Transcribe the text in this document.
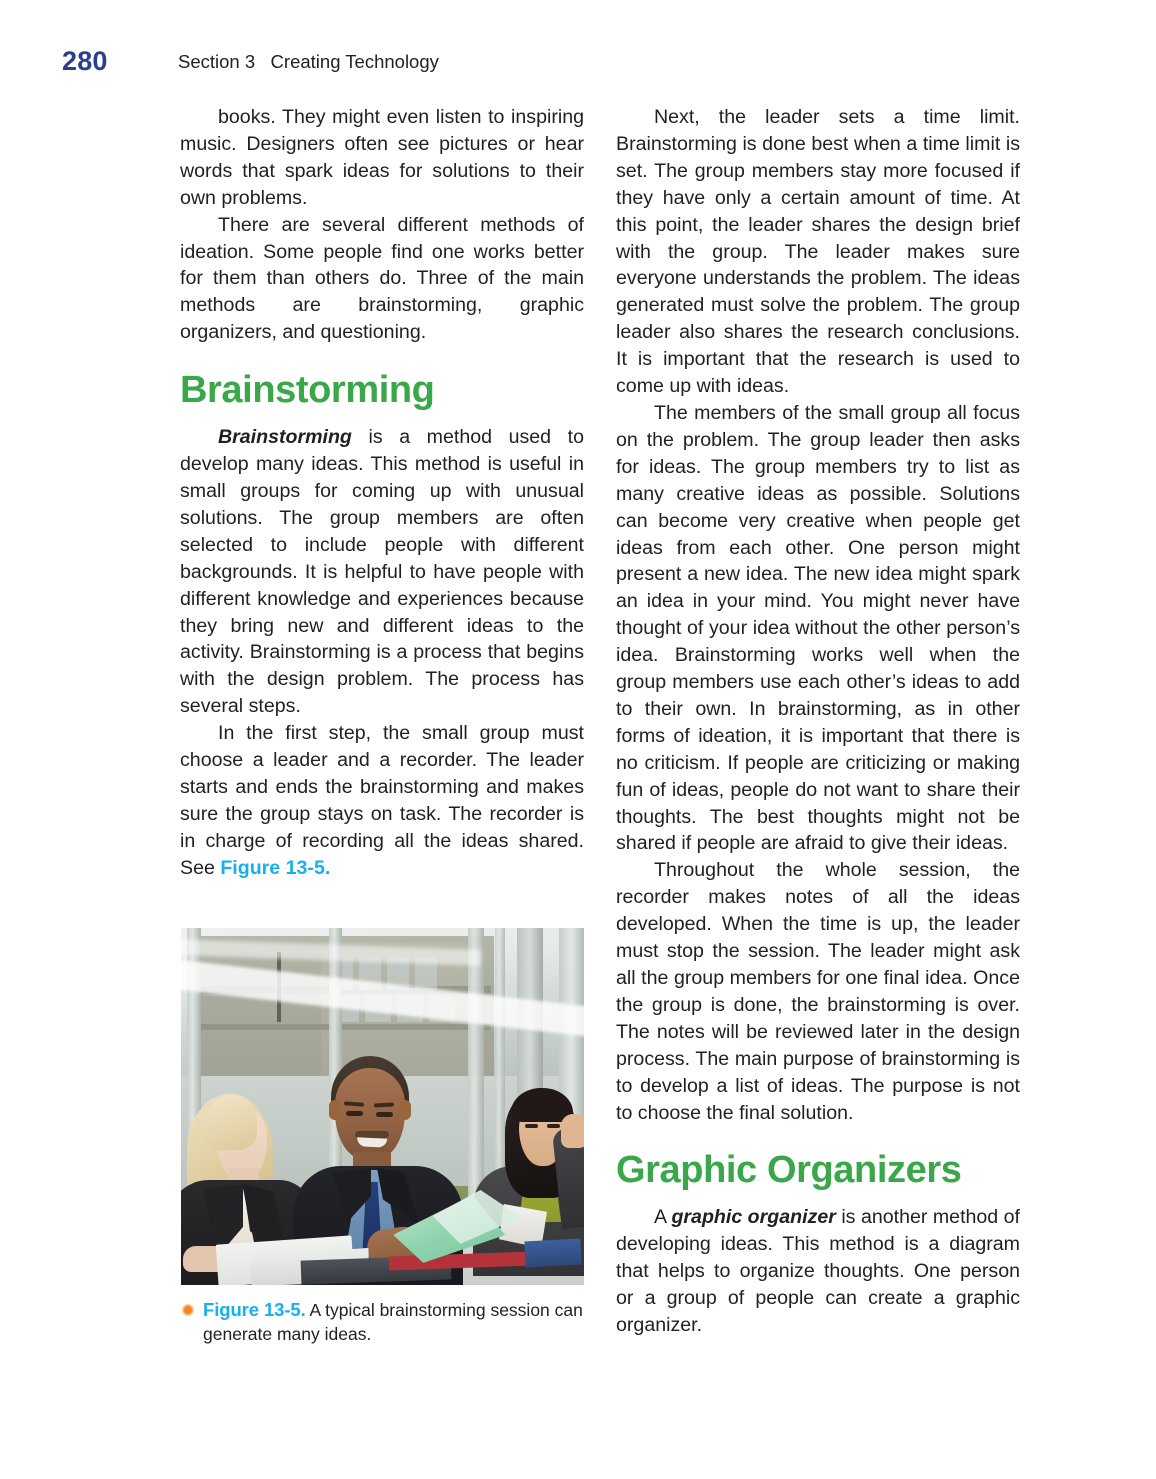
280	Section 3   Creating Technology

books. They might even listen to inspiring music. Designers often see pictures or hear words that spark ideas for solutions to their own problems.

There are several different methods of ideation. Some people find one works better for them than others do. Three of the main methods are brainstorming, graphic organizers, and questioning.

Brainstorming

Brainstorming is a method used to develop many ideas. This method is useful in small groups for coming up with unusual solutions. The group members are often selected to include people with different backgrounds. It is helpful to have people with different knowledge and experiences because they bring new and different ideas to the activity. Brainstorming is a process that begins with the design problem. The process has several steps.

In the first step, the small group must choose a leader and a recorder. The leader starts and ends the brainstorming and makes sure the group stays on task. The recorder is in charge of recording all the ideas shared. See Figure 13-5.

Next, the leader sets a time limit. Brainstorming is done best when a time limit is set. The group members stay more focused if they have only a certain amount of time. At this point, the leader shares the design brief with the group. The leader makes sure everyone understands the problem. The ideas generated must solve the problem. The group leader also shares the research conclusions. It is important that the research is used to come up with ideas.

The members of the small group all focus on the problem. The group leader then asks for ideas. The group members try to list as many creative ideas as possible. Solutions can become very creative when people get ideas from each other. One person might present a new idea. The new idea might spark an idea in your mind. You might never have thought of your idea without the other person’s idea. Brainstorming works well when the group members use each other’s ideas to add to their own. In brainstorming, as in other forms of ideation, it is important that there is no criticism. If people are criticizing or making fun of ideas, people do not want to share their thoughts. The best thoughts might not be shared if people are afraid to give their ideas.

Throughout the whole session, the recorder makes notes of all the ideas developed. When the time is up, the leader must stop the session. The leader might ask all the group members for one final idea. Once the group is done, the brainstorming is over. The notes will be reviewed later in the design process. The main purpose of brainstorming is to develop a list of ideas. The purpose is not to choose the final solution.

Graphic Organizers

A graphic organizer is another method of developing ideas. This method is a diagram that helps to organize thoughts. One person or a group of people can create a graphic organizer.

Figure 13-5. A typical brainstorming session can generate many ideas.
